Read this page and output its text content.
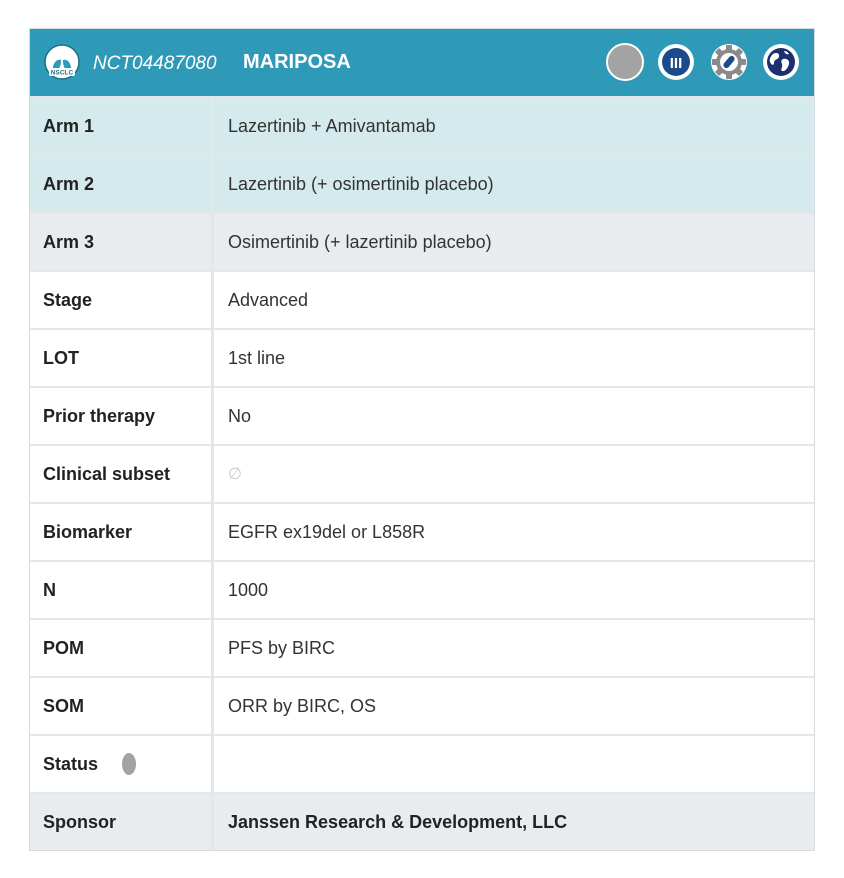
NSCLC NCT04487080 MARIPOSA	III
Arm 1	Lazertinib + Amivantamab
Arm 2	Lazertinib (+ osimertinib placebo)
Arm 3	Osimertinib (+ lazertinib placebo)
Stage	Advanced
LOT	1st line
Prior therapy	No
Clinical subset	∅
Biomarker	EGFR ex19del or L858R
N	1000
POM	PFS by BIRC
SOM	ORR by BIRC, OS
Status
Sponsor	Janssen Research & Development, LLC
